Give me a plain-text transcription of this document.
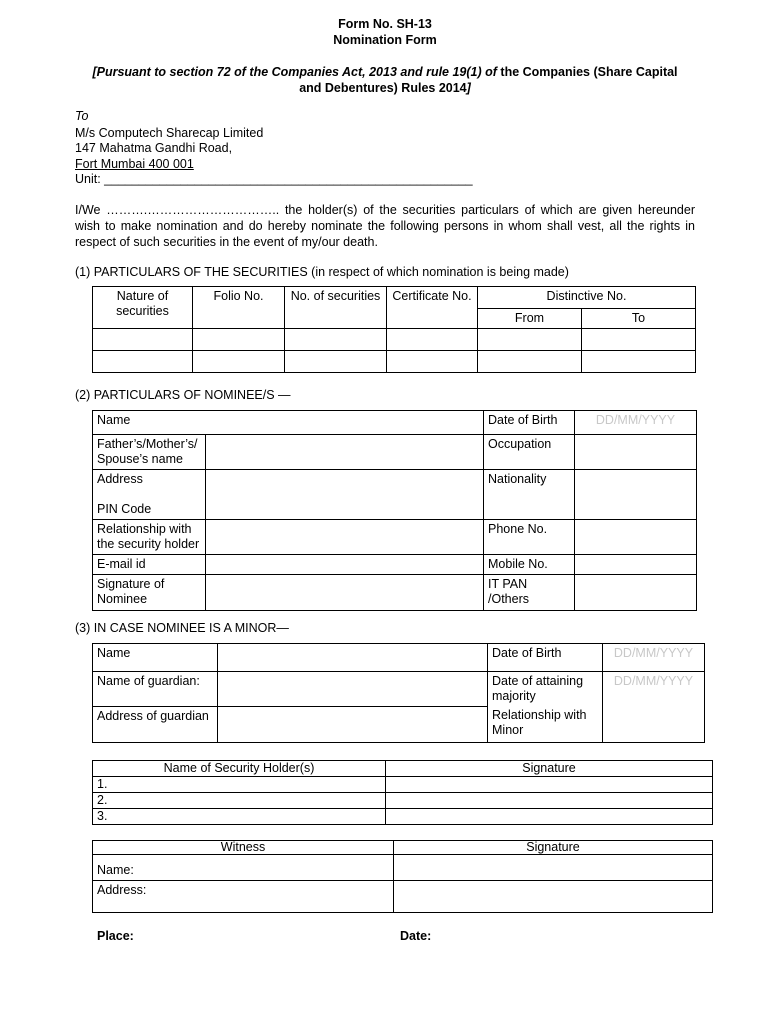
Form No. SH-13
Nomination Form
[Pursuant to section 72 of the Companies Act, 2013 and rule 19(1) of the Companies (Share Capital
and Debentures) Rules 2014]
To
M/s Computech Sharecap Limited
147 Mahatma Gandhi Road,
Fort Mumbai 400 001
Unit: _____________________________________________________
I/We ……….………………………….. the holder(s) of the securities particulars of which are given hereunder wish to make nomination and do hereby nominate the following persons in whom shall vest, all the rights in respect of such securities in the event of my/our death.
(1) PARTICULARS OF THE SECURITIES (in respect of which nomination is being made)
Nature of securities	Folio No.	No. of securities	Certificate No.	Distinctive No.	
				From	To

(2) PARTICULARS OF NOMINEE/S —
Name		Date of Birth	DD/MM/YYYY
Father’s/Mother’s/ Spouse’s name		Occupation	

Address
PIN Code		Nationality	
Relationship with the security holder		Phone No.	
E-mail id		Mobile No.	
Signature of Nominee		IT PAN /Others	
(3) IN CASE NOMINEE IS A MINOR—
Name		Date of Birth	DD/MM/YYYY
Name of guardian:		Date of attaining majority	DD/MM/YYYY
Address of guardian		Relationship with Minor	
Name of Security Holder(s)	Signature
1.	
2.	
3.	
Witness	Signature
Name:	
Address:	
Place:	Date:
